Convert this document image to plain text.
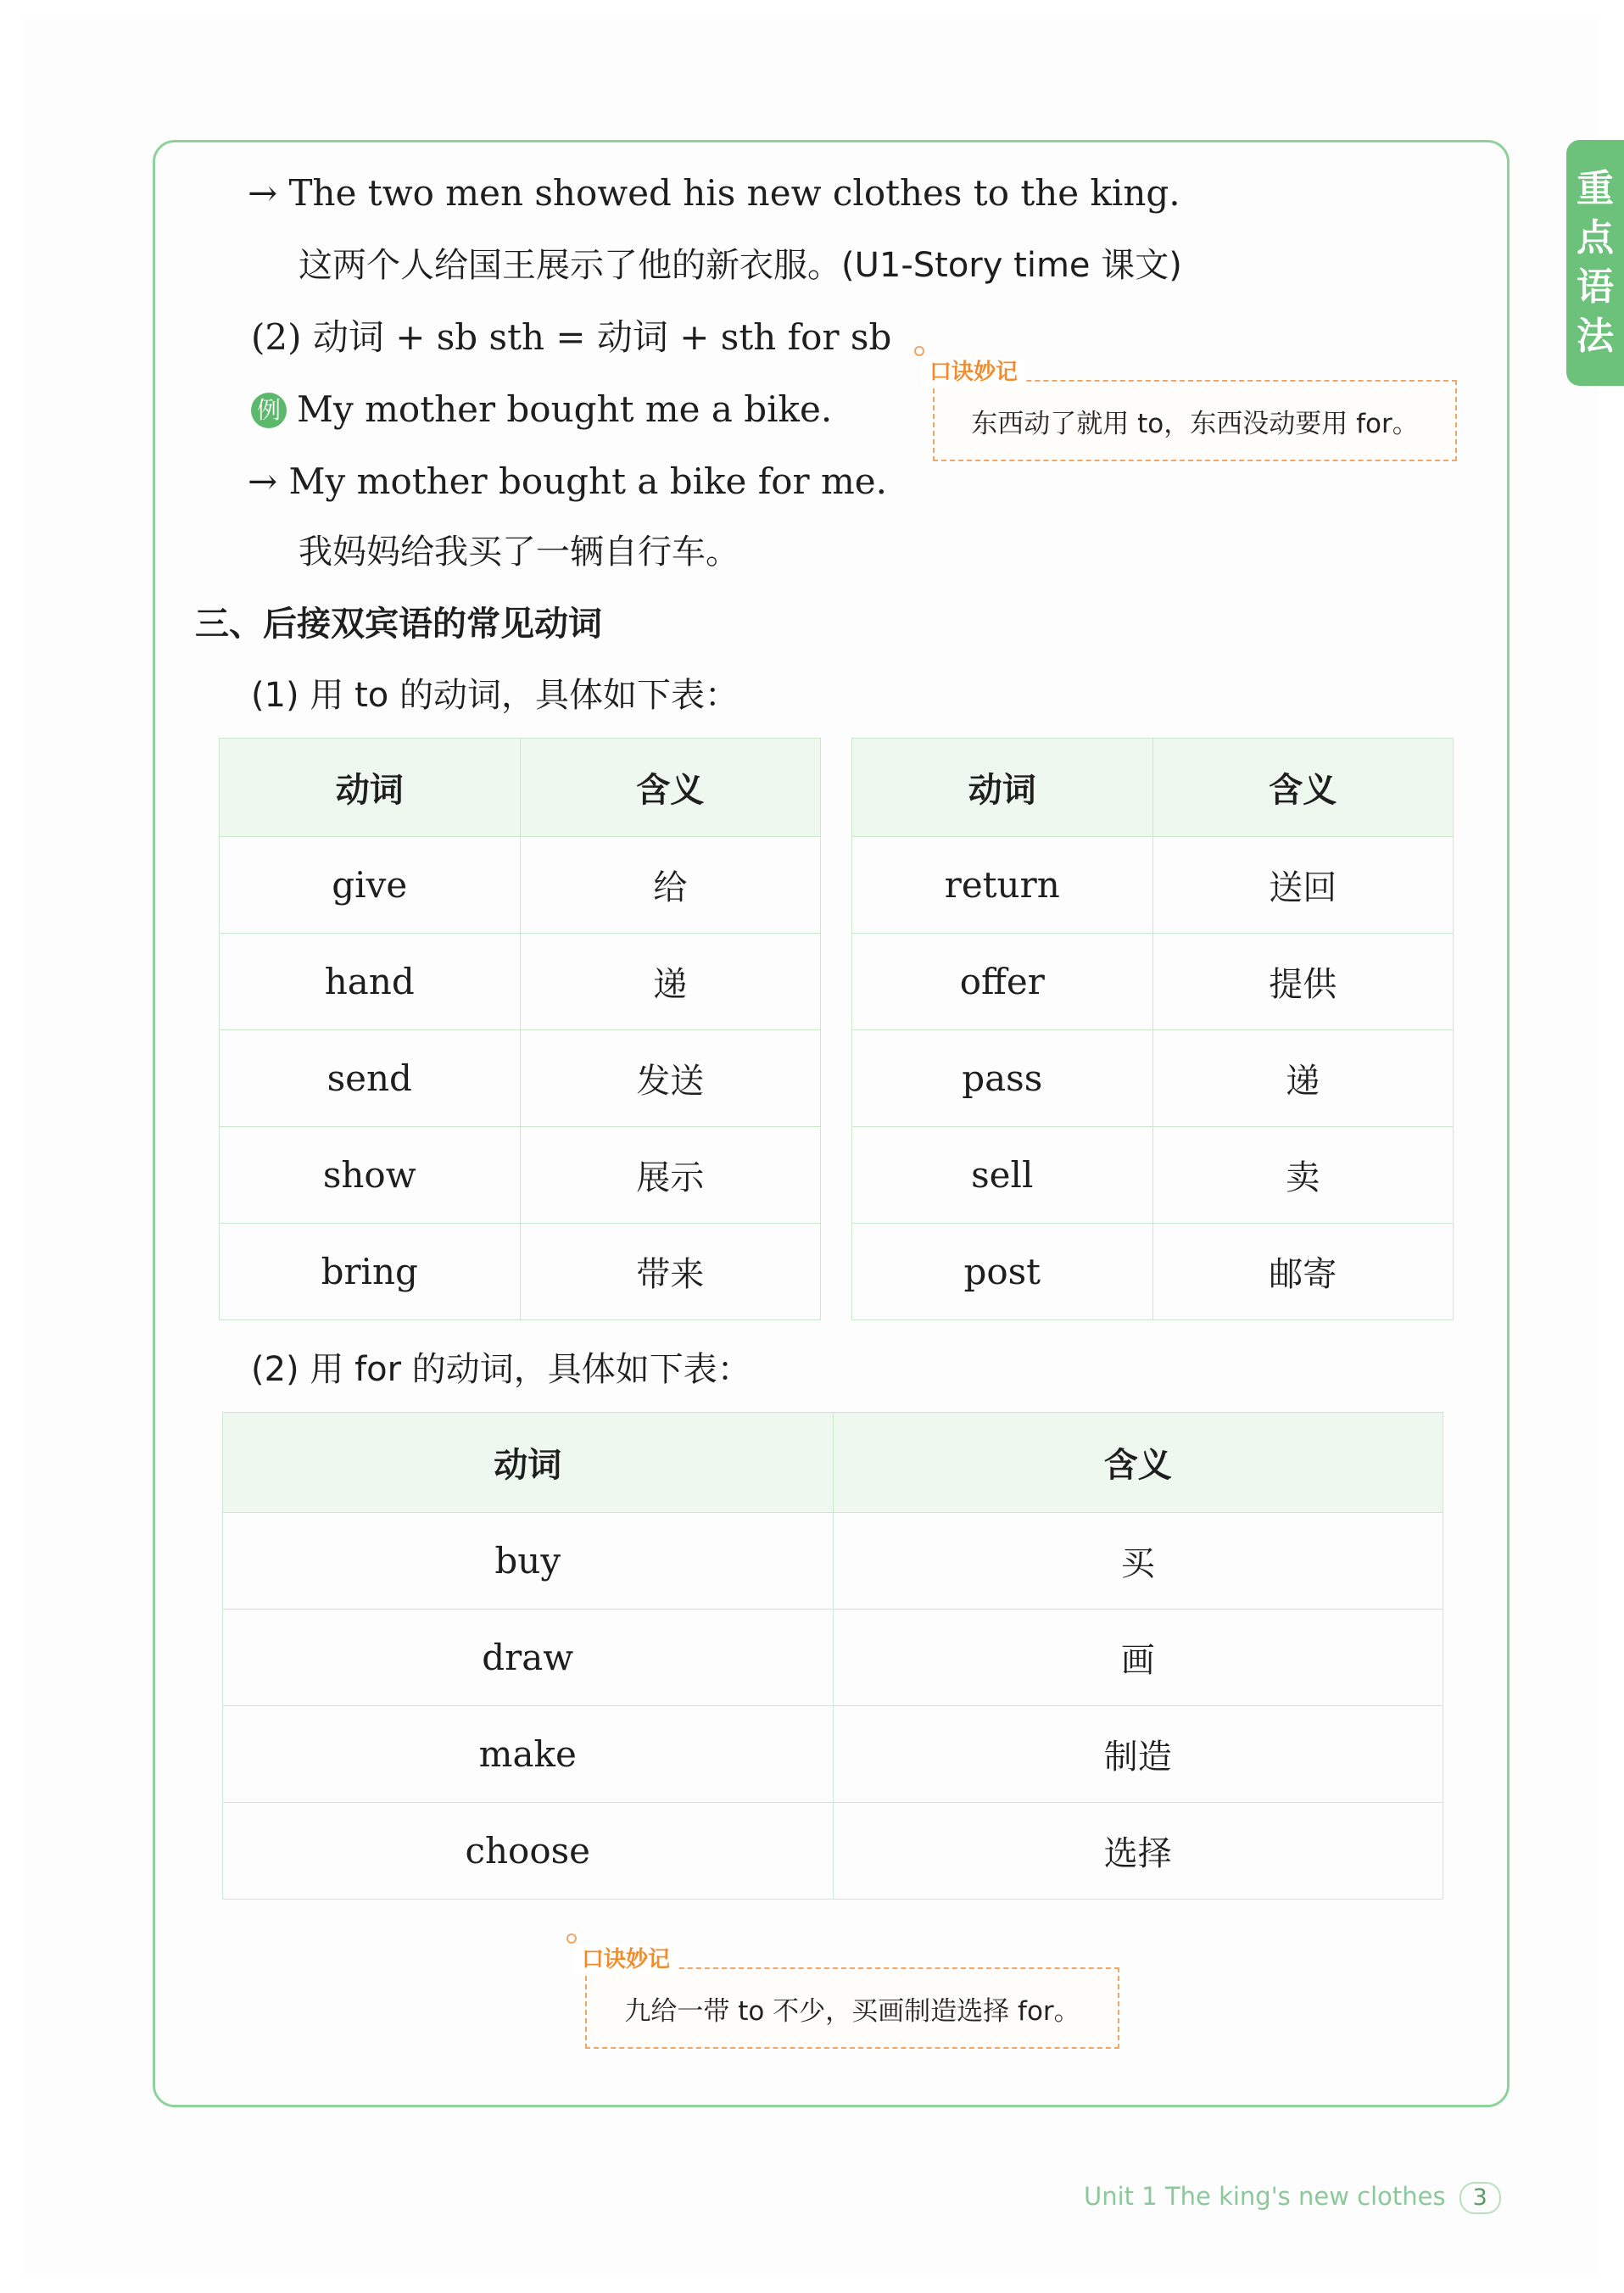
重
点
语
法
→ The two men showed his new clothes to the king.
这两个人给国王展示了他的新衣服。(U1-Story time 课文)
(2) 动词 + sb sth = 动词 + sth for sb
例 My mother bought me a bike.
→ My mother bought a bike for me.
我妈妈给我买了一辆自行车。
三、后接双宾语的常见动词
(1) 用 to 的动词，具体如下表：
口诀妙记
东西动了就用 to，东西没动要用 for。
动词	含义
give	给
hand	递
send	发送
show	展示
bring	带来
动词	含义
return	送回
offer	提供
pass	递
sell	卖
post	邮寄
(2) 用 for 的动词，具体如下表：
动词	含义
buy	买
draw	画
make	制造
choose	选择
口诀妙记
九给一带 to 不少，买画制造选择 for。
Unit 1 The king's new clothes 3
